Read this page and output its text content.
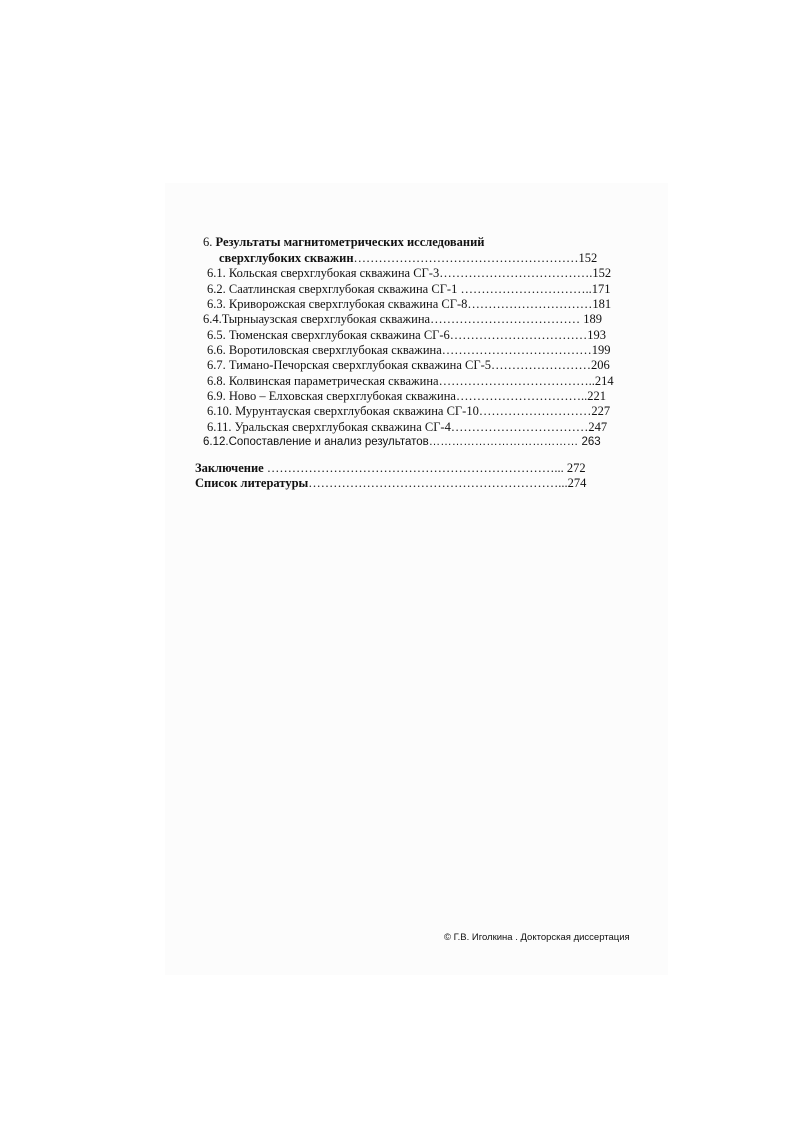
6. Результаты магнитометрических исследований
сверхглубоких скважин………………………………………………152
6.1. Кольская сверхглубокая скважина СГ-3……………………………….152
6.2. Саатлинская сверхглубокая скважина СГ-1 …………………………..171
6.3. Криворожская сверхглубокая скважина СГ-8…………………………181
6.4.Тырныаузская сверхглубокая скважина……………………………… 189
6.5. Тюменская сверхглубокая скважина СГ-6……………………………193
6.6. Воротиловская сверхглубокая скважина………………………………199
6.7. Тимано-Печорская сверхглубокая скважина СГ-5……………………206
6.8. Колвинская параметрическая скважина………………………………..214
6.9. Ново – Елховская сверхглубокая скважина…………………………..221
6.10. Мурунтауская сверхглубокая скважина СГ-10………………………227
6.11. Уральская сверхглубокая скважина СГ-4……………………………247
6.12.Сопоставление и анализ результатов………………………………… 263
Заключение ……………………………………………………………... 272
Список литературы……………………………………………………...274
© Г.В. Иголкина . Докторская диссертация
